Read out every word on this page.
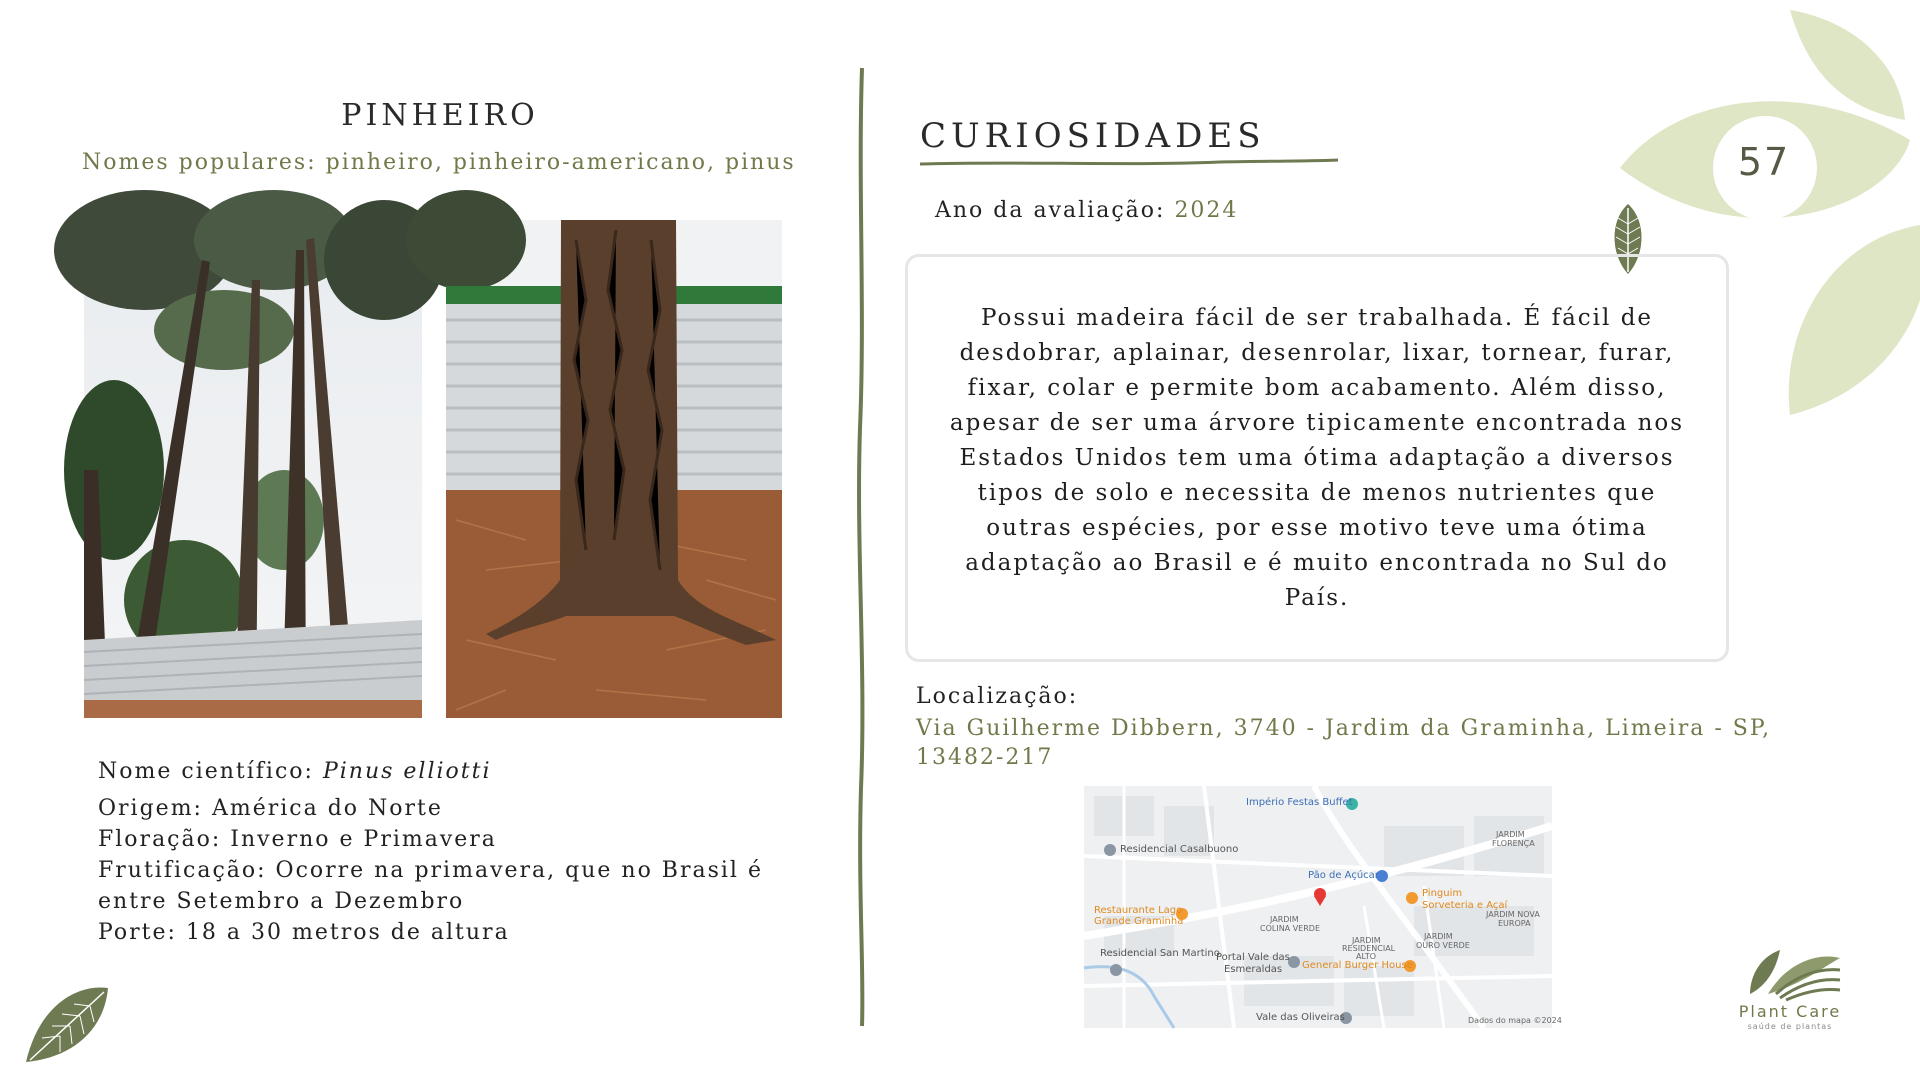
57
PINHEIRO
Nomes populares: pinheiro, pinheiro-americano, pinus
Nome científico: Pinus elliotti
Origem: América do Norte
Floração: Inverno e Primavera
Frutificação: Ocorre na primavera, que no Brasil é entre Setembro a Dezembro
Porte: 18 a 30 metros de altura
CURIOSIDADES
Ano da avaliação: 2024

Possui madeira fácil de ser trabalhada. É fácil de desdobrar, aplainar, desenrolar, lixar, tornear, furar, fixar, colar e permite bom acabamento. Além disso, apesar de ser uma árvore tipicamente encontrada nos Estados Unidos tem uma ótima adaptação a diversos tipos de solo e necessita de menos nutrientes que outras espécies, por esse motivo teve uma ótima adaptação ao Brasil e é muito encontrada no Sul do País.

Localização:
Via Guilherme Dibbern, 3740 - Jardim da Graminha, Limeira - SP, 13482-217
Império Festas Buffet
Residencial Casalbuono
Pão de Açúcar
Pinguim
Sorveteria e Açaí
Restaurante Lago
Grande Graminha	JARDIM
COLINA VERDE
JARDIM
FLORENÇA
JARDIM NOVA
EUROPA
Residencial San Martino
Portal Vale das
Esmeraldas General Burger House
JARDIM
RESIDENCIAL
ALTO
JARDIM
OURO VERDE
Vale das Oliveiras	Dados do mapa ©2024	Plant Care
saúde de plantas
